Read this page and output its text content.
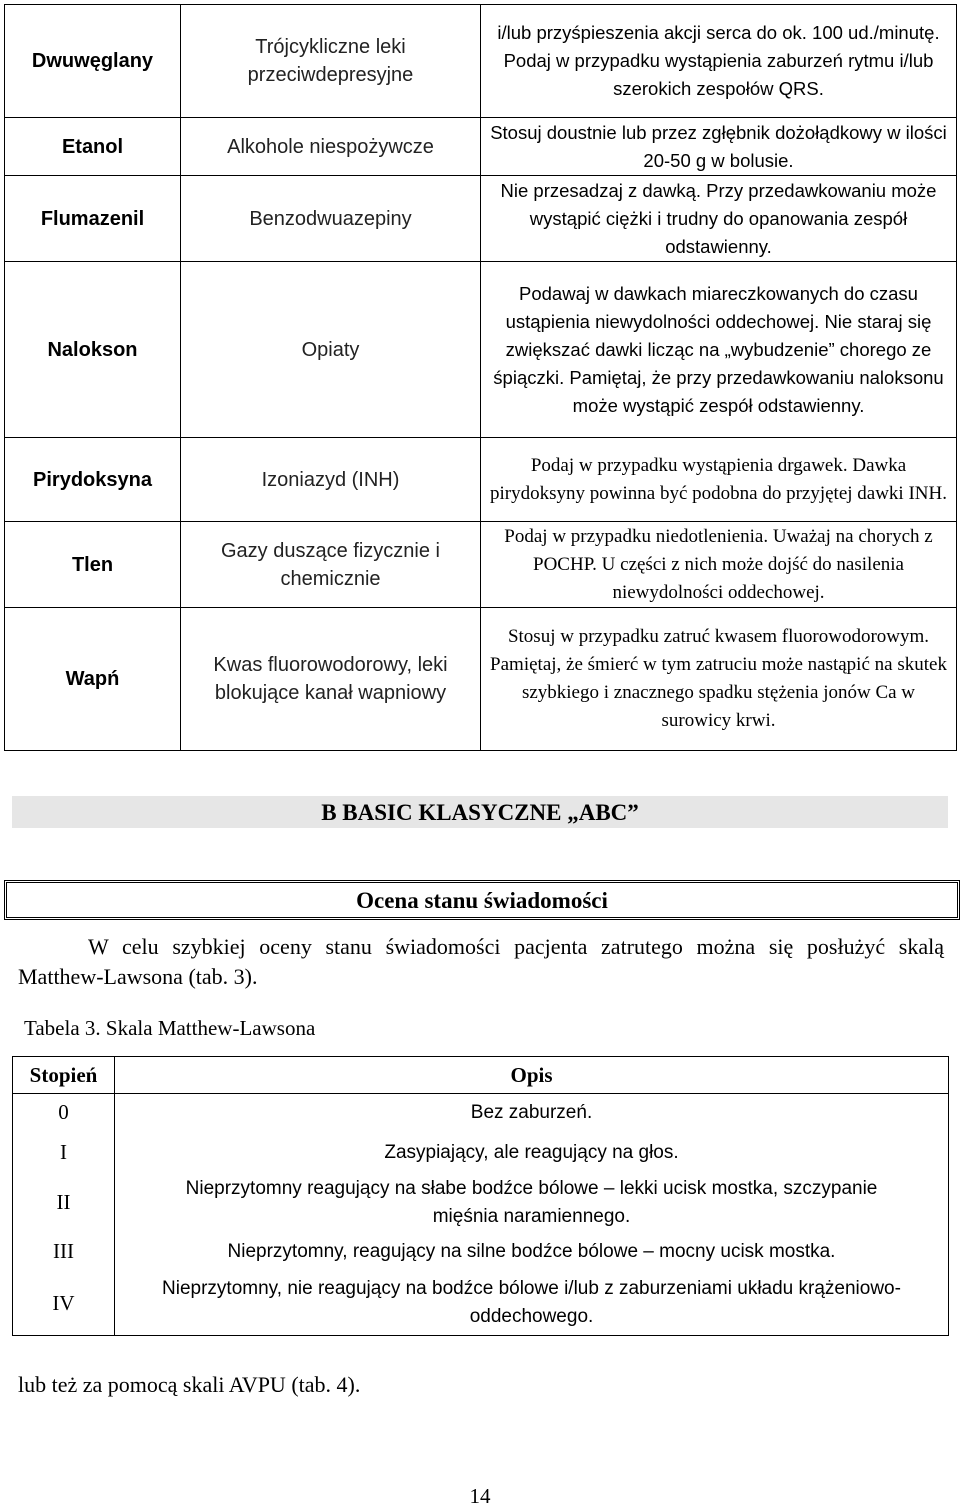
Dwuwęglany	Trójcykliczne leki przeciwdepresyjne	i/lub przyśpieszenia akcji serca do ok. 100 ud./minutę.
Podaj w przypadku wystąpienia zaburzeń rytmu i/lub szerokich zespołów QRS.

Etanol	Alkohole niespożywcze	Stosuj doustnie lub przez zgłębnik dożołądkowy w ilości 20-50 g w bolusie.

Flumazenil	Benzodwuazepiny	Nie przesadzaj z dawką. Przy przedawkowaniu może wystąpić ciężki i trudny do opanowania zespół odstawienny.

Nalokson	Opiaty	Podawaj w dawkach miareczkowanych do czasu ustąpienia niewydolności oddechowej. Nie staraj się zwiększać dawki licząc na „wybudzenie” chorego ze śpiączki. Pamiętaj, że przy przedawkowaniu naloksonu może wystąpić zespół odstawienny.

Pirydoksyna	Izoniazyd (INH)	Podaj w przypadku wystąpienia drgawek. Dawka pirydoksyny powinna być podobna do przyjętej dawki INH.

Tlen	Gazy duszące fizycznie i chemicznie	Podaj w przypadku niedotlenienia. Uważaj na chorych z POCHP. U części z nich może dojść do nasilenia niewydolności oddechowej.

Wapń	Kwas fluorowodorowy, leki blokujące kanał wapniowy	Stosuj w przypadku zatruć kwasem fluorowodorowym. Pamiętaj, że śmierć w tym zatruciu może nastąpić na skutek szybkiego i znacznego spadku stężenia jonów Ca w surowicy krwi.
B BASIC KLASYCZNE „ABC”
Ocena stanu świadomości
W celu szybkiej oceny stanu świadomości pacjenta zatrutego można się posłużyć skalą Matthew-Lawsona (tab. 3).
Tabela 3. Skala Matthew-Lawsona
Stopień	Opis
0	Bez zaburzeń.
I	Zasypiający, ale reagujący na głos.
II	Nieprzytomny reagujący na słabe bodźce bólowe – lekki ucisk mostka, szczypanie mięśnia naramiennego.

III	Nieprzytomny, reagujący na silne bodźce bólowe – mocny ucisk mostka.
IV	Nieprzytomny, nie reagujący na bodźce bólowe i/lub z zaburzeniami układu krążeniowo-oddechowego.
lub też za pomocą skali AVPU (tab. 4).
14
